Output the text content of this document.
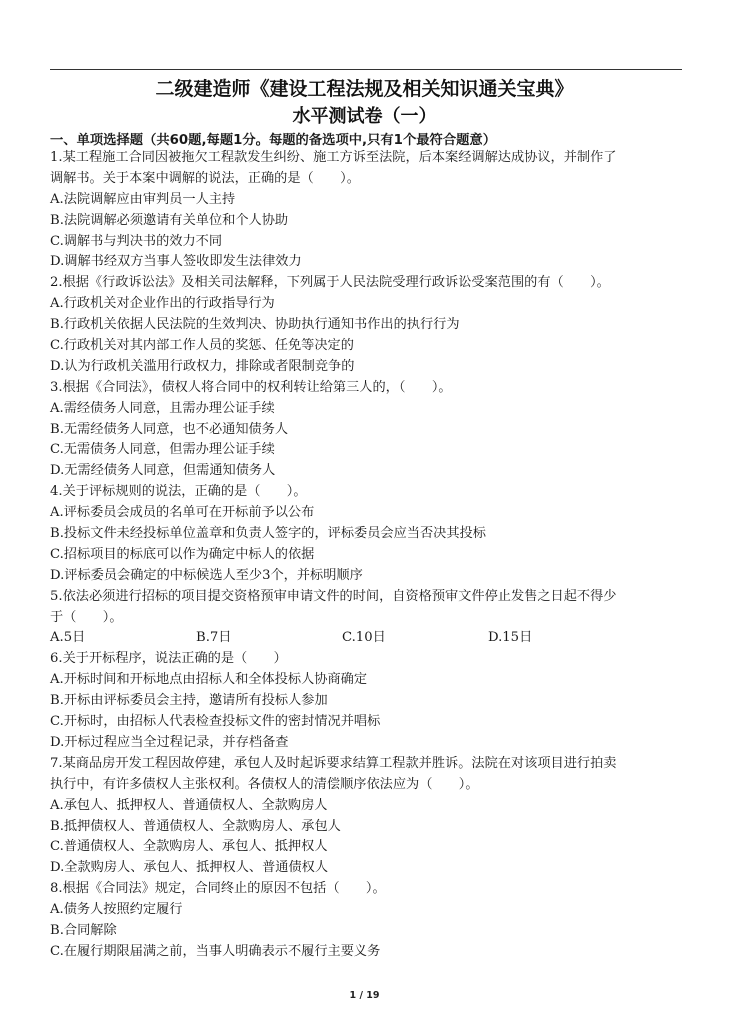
二级建造师《建设工程法规及相关知识通关宝典》
水平测试卷（一）
一、单项选择题（共60题,每题1分。每题的备选项中,只有1个最符合题意）
1.某工程施工合同因被拖欠工程款发生纠纷、施工方诉至法院，后本案经调解达成协议，并制作了
调解书。关于本案中调解的说法，正确的是（　　）。
A.法院调解应由审判员一人主持
B.法院调解必须邀请有关单位和个人协助
C.调解书与判决书的效力不同
D.调解书经双方当事人签收即发生法律效力
2.根据《行政诉讼法》及相关司法解释，下列属于人民法院受理行政诉讼受案范围的有（　　）。
A.行政机关对企业作出的行政指导行为
B.行政机关依据人民法院的生效判决、协助执行通知书作出的执行行为
C.行政机关对其内部工作人员的奖惩、任免等决定的
D.认为行政机关滥用行政权力，排除或者限制竞争的
3.根据《合同法》，债权人将合同中的权利转让给第三人的，（　　）。
A.需经债务人同意，且需办理公证手续
B.无需经债务人同意，也不必通知债务人
C.无需债务人同意，但需办理公证手续
D.无需经债务人同意，但需通知债务人
4.关于评标规则的说法，正确的是（　　）。
A.评标委员会成员的名单可在开标前予以公布
B.投标文件未经投标单位盖章和负责人签字的，评标委员会应当否决其投标
C.招标项目的标底可以作为确定中标人的依据
D.评标委员会确定的中标候选人至少3个，并标明顺序
5.依法必须进行招标的项目提交资格预审申请文件的时间，自资格预审文件停止发售之日起不得少
于（　　）。
A.5日	B.7日	C.10日	D.15日
6.关于开标程序，说法正确的是（　　）
A.开标时间和开标地点由招标人和全体投标人协商确定
B.开标由评标委员会主持，邀请所有投标人参加
C.开标时，由招标人代表检查投标文件的密封情况并唱标
D.开标过程应当全过程记录，并存档备查
7.某商品房开发工程因故停建，承包人及时起诉要求结算工程款并胜诉。法院在对该项目进行拍卖
执行中，有许多债权人主张权利。各债权人的清偿顺序依法应为（　　）。
A.承包人、抵押权人、普通债权人、全款购房人
B.抵押债权人、普通债权人、全款购房人、承包人
C.普通债权人、全款购房人、承包人、抵押权人
D.全款购房人、承包人、抵押权人、普通债权人
8.根据《合同法》规定，合同终止的原因不包括（　　）。
A.债务人按照约定履行
B.合同解除
C.在履行期限届满之前，当事人明确表示不履行主要义务
1 / 19
